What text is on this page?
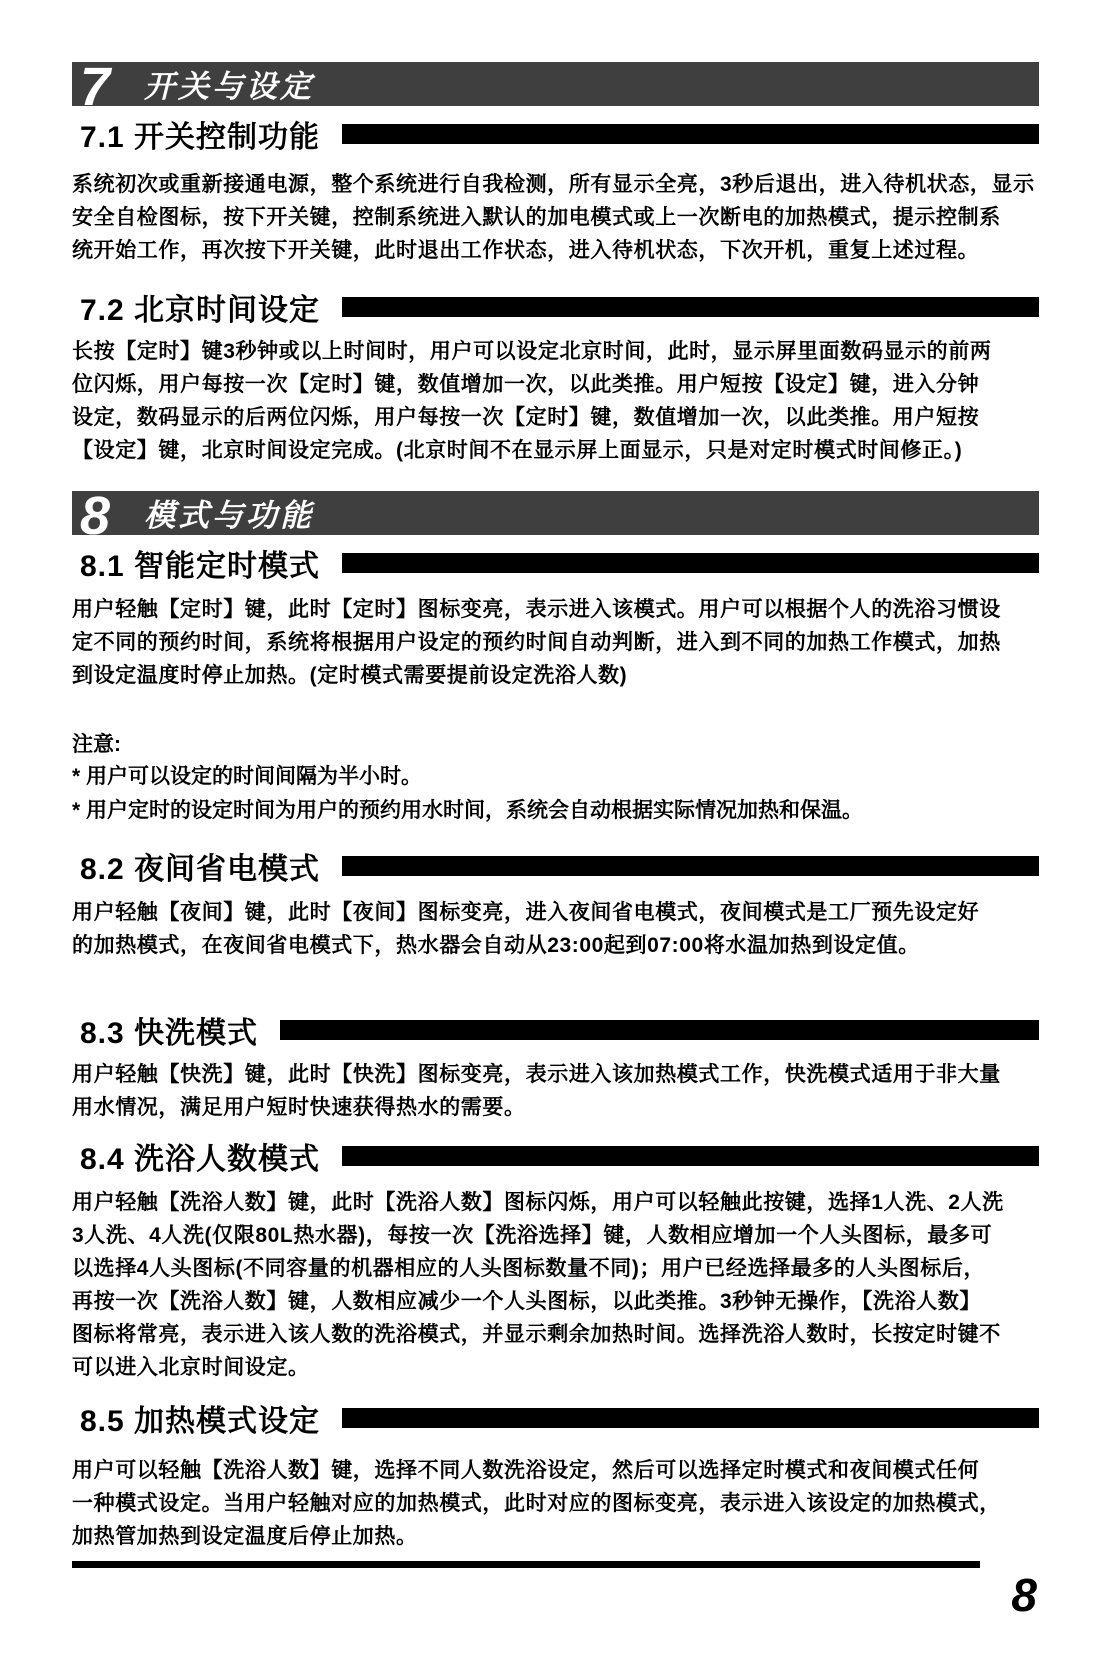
7 开关与设定
7.1 开关控制功能
系统初次或重新接通电源，整个系统进行自我检测，所有显示全亮，3秒后退出，进入待机状态，显示
安全自检图标，按下开关键，控制系统进入默认的加电模式或上一次断电的加热模式，提示控制系
统开始工作，再次按下开关键，此时退出工作状态，进入待机状态，下次开机，重复上述过程。
7.2 北京时间设定
长按【定时】键3秒钟或以上时间时，用户可以设定北京时间，此时，显示屏里面数码显示的前两
位闪烁，用户每按一次【定时】键，数值增加一次，以此类推。用户短按【设定】键，进入分钟
设定，数码显示的后两位闪烁，用户每按一次【定时】键，数值增加一次，以此类推。用户短按
【设定】键，北京时间设定完成。(北京时间不在显示屏上面显示，只是对定时模式时间修正。)
8 模式与功能
8.1 智能定时模式
用户轻触【定时】键，此时【定时】图标变亮，表示进入该模式。用户可以根据个人的洗浴习惯设
定不同的预约时间，系统将根据用户设定的预约时间自动判断，进入到不同的加热工作模式，加热
到设定温度时停止加热。(定时模式需要提前设定洗浴人数)
注意:
* 用户可以设定的时间间隔为半小时。
* 用户定时的设定时间为用户的预约用水时间，系统会自动根据实际情况加热和保温。
8.2 夜间省电模式
用户轻触【夜间】键，此时【夜间】图标变亮，进入夜间省电模式，夜间模式是工厂预先设定好
的加热模式，在夜间省电模式下，热水器会自动从23:00起到07:00将水温加热到设定值。
8.3 快洗模式
用户轻触【快洗】键，此时【快洗】图标变亮，表示进入该加热模式工作，快洗模式适用于非大量
用水情况，满足用户短时快速获得热水的需要。
8.4 洗浴人数模式
用户轻触【洗浴人数】键，此时【洗浴人数】图标闪烁，用户可以轻触此按键，选择1人洗、2人洗
3人洗、4人洗(仅限80L热水器)，每按一次【洗浴选择】键，人数相应增加一个人头图标，最多可
以选择4人头图标(不同容量的机器相应的人头图标数量不同)；用户已经选择最多的人头图标后，
再按一次【洗浴人数】键，人数相应减少一个人头图标，以此类推。3秒钟无操作，【洗浴人数】
图标将常亮，表示进入该人数的洗浴模式，并显示剩余加热时间。选择洗浴人数时，长按定时键不
可以进入北京时间设定。
8.5 加热模式设定
用户可以轻触【洗浴人数】键，选择不同人数洗浴设定，然后可以选择定时模式和夜间模式任何
一种模式设定。当用户轻触对应的加热模式，此时对应的图标变亮，表示进入该设定的加热模式，
加热管加热到设定温度后停止加热。
8
